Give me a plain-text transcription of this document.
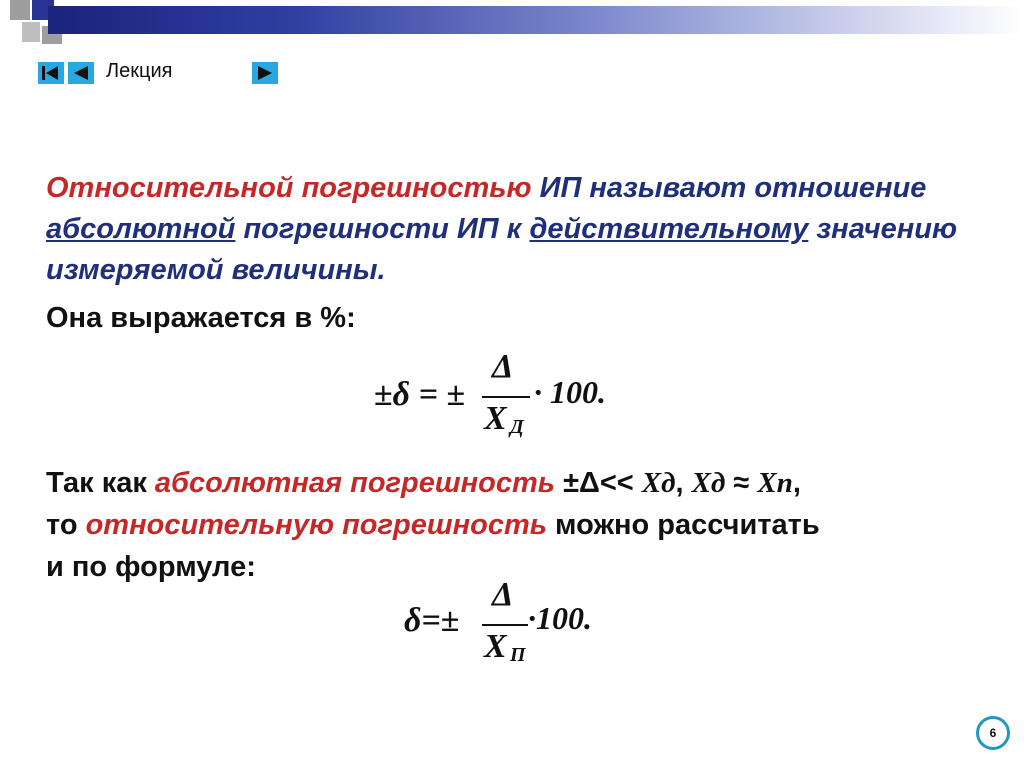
Лекция
Относительной погрешностью ИП называют отношение абсолютной погрешности ИП к действительному значению измеряемой величины.
Она выражается в %:
±δ = ±
Δ
X Д
· 100.
Так как абсолютная погрешность ±Δ<< Хд, Хд ≈ Хп,
то относительную погрешность можно рассчитать
и по формуле:
δ=±
Δ
X П
·100.
6
